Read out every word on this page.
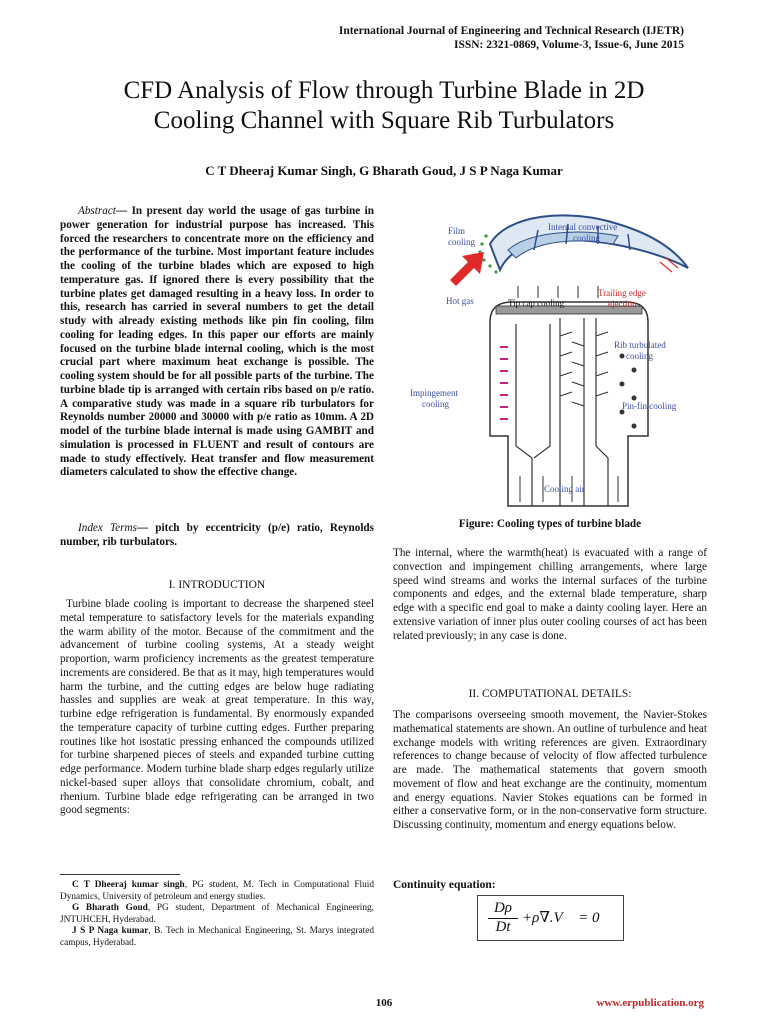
International Journal of Engineering and Technical Research (IJETR)
ISSN: 2321-0869, Volume-3, Issue-6, June 2015
CFD Analysis of Flow through Turbine Blade in 2D
Cooling Channel with Square Rib Turbulators
C T Dheeraj Kumar Singh, G Bharath Goud, J S P Naga Kumar
Abstract— In present day world the usage of gas turbine in power generation for industrial purpose has increased. This forced the researchers to concentrate more on the efficiency and the performance of the turbine. Most important feature includes the cooling of the turbine blades which are exposed to high temperature gas. If ignored there is every possibility that the turbine plates get damaged resulting in a heavy loss. In order to this, research has carried in several numbers to get the detail study with already existing methods like pin fin cooling, film cooling for leading edges. In this paper our efforts are mainly focused on the turbine blade internal cooling, which is the most crucial part where maximum heat exchange is possible. The cooling system should be for all possible parts of the turbine. The turbine blade tip is arranged with certain ribs based on p/e ratio. A comparative study was made in a square rib turbulators for Reynolds number 20000 and 30000 with p/e ratio as 10mm. A 2D model of the turbine blade internal is made using GAMBIT and simulation is processed in FLUENT and result of contours are made to study effectively. Heat transfer and flow measurement diameters calculated to show the effective change.
Index Terms— pitch by eccentricity (p/e) ratio, Reynolds number, rib turbulators.
I. INTRODUCTION
Turbine blade cooling is important to decrease the sharpened steel metal temperature to satisfactory levels for the materials expanding the warm ability of the motor. Because of the commitment and the advancement of turbine cooling systems, At a steady weight proportion, warm proficiency increments as the greatest temperature increments are considered. Be that as it may, high temperatures would harm the turbine, and the cutting edges are below huge radiating hassles and supplies are weak at great temperature. In this way, turbine edge refrigeration is fundamental. By enormously expanded the temperature capacity of turbine cutting edges. Further preparing routines like hot isostatic pressing enhanced the compounds utilized for turbine sharpened pieces of steels and expanded turbine cutting edge performance. Modern turbine blade sharp edges regularly utilize nickel-based super alloys that consolidate chromium, cobalt, and rhenium. Turbine blade edge refrigerating can be arranged in two good segments:

C T Dheeraj kumar singh, PG student, M. Tech in Computational Fluid Dynamics, University of petroleum and energy studies.

G Bharath Goud, PG student, Department of Mechanical Engineering, JNTUHCEH, Hyderabad.

J S P Naga kumar, B. Tech in Mechanical Engineering, St. Marys integrated campus, Hyderabad.

Film
cooling
Internal convective
cooling
Trailing edge
ejection
Hot gas	Tip cap cooling
Rib turbulated
cooling
Impingement
cooling	Pin-fin cooling
Cooling air
Figure: Cooling types of turbine blade
The internal, where the warmth(heat) is evacuated with a range of convection and impingement chilling arrangements, where large speed wind streams and works the internal surfaces of the turbine components and edges, and the external blade temperature, sharp edge with a specific end goal to make a dainty cooling layer. Here an extensive variation of inner plus outer cooling courses of act has been related previously; in any case is done.
II. COMPUTATIONAL DETAILS:
The comparisons overseeing smooth movement, the Navier-Stokes mathematical statements are shown. An outline of turbulence and heat exchange models with writing references are given. Extraordinary references to change because of velocity of flow affected turbulence are made. The mathematical statements that govern smooth movement of flow and heat exchange are the continuity, momentum and energy equations. Navier Stokes equations can be formed in either a conservative form, or in the non-conservative form structure. Discussing continuity, momentum and energy equations below.
Continuity equation:
Dρ
Dt
+ρ∇.V⃗ = 0
106	www.erpublication.org
